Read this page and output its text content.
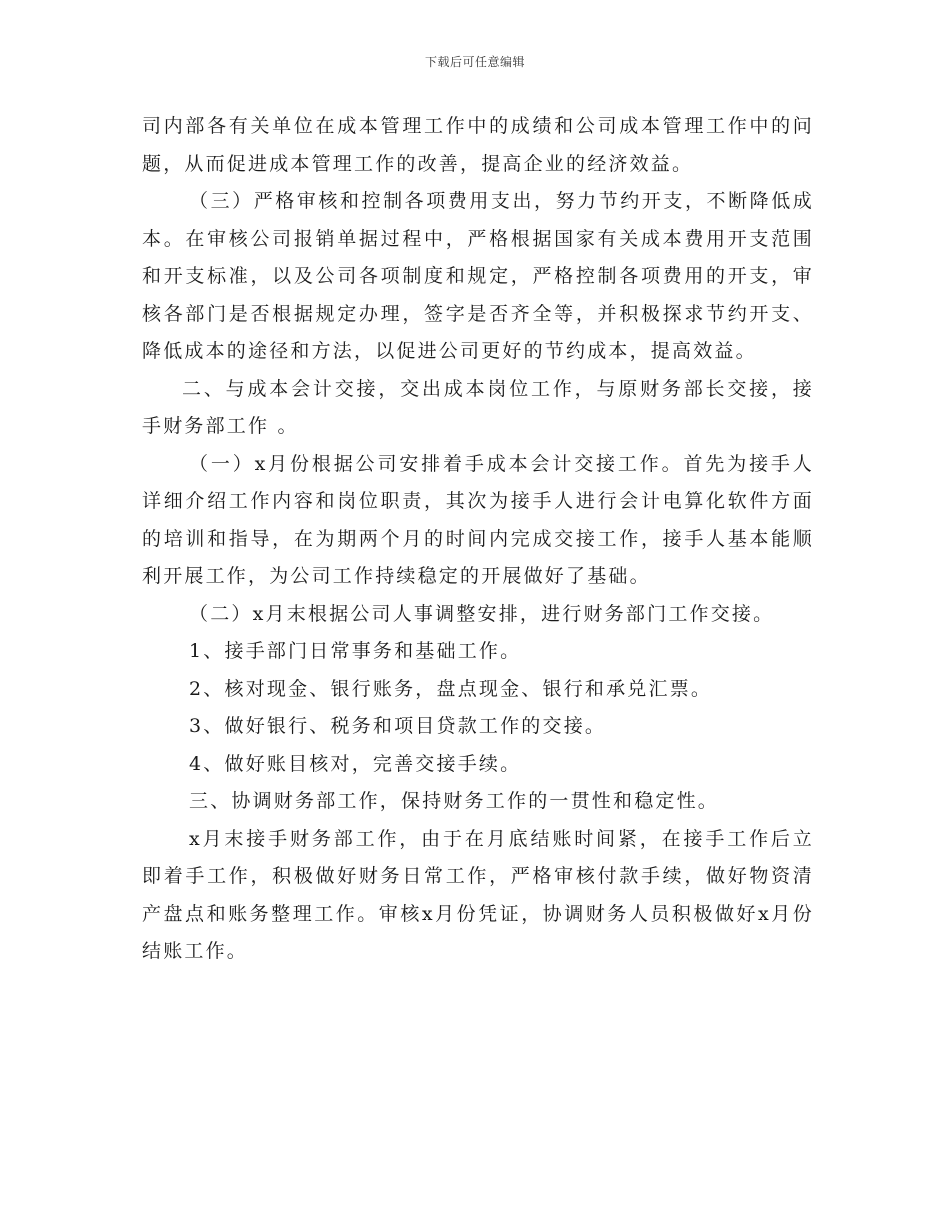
下载后可任意编辑

司内部各有关单位在成本管理工作中的成绩和公司成本管理工作中的问题，从而促进成本管理工作的改善，提高企业的经济效益。

（三）严格审核和控制各项费用支出，努力节约开支，不断降低成本。在审核公司报销单据过程中，严格根据国家有关成本费用开支范围和开支标准，以及公司各项制度和规定，严格控制各项费用的开支，审核各部门是否根据规定办理，签字是否齐全等，并积极探求节约开支、降低成本的途径和方法，以促进公司更好的节约成本，提高效益。

二、与成本会计交接，交出成本岗位工作，与原财务部长交接，接手财务部工作 。

（一）x月份根据公司安排着手成本会计交接工作。首先为接手人详细介绍工作内容和岗位职责，其次为接手人进行会计电算化软件方面的培训和指导，在为期两个月的时间内完成交接工作，接手人基本能顺利开展工作，为公司工作持续稳定的开展做好了基础。

（二）x月末根据公司人事调整安排，进行财务部门工作交接。

1、接手部门日常事务和基础工作。

2、核对现金、银行账务，盘点现金、银行和承兑汇票。

3、做好银行、税务和项目贷款工作的交接。

4、做好账目核对，完善交接手续。

三、协调财务部工作，保持财务工作的一贯性和稳定性。

x月末接手财务部工作，由于在月底结账时间紧，在接手工作后立即着手工作，积极做好财务日常工作，严格审核付款手续，做好物资清产盘点和账务整理工作。审核x月份凭证，协调财务人员积极做好x月份结账工作。
